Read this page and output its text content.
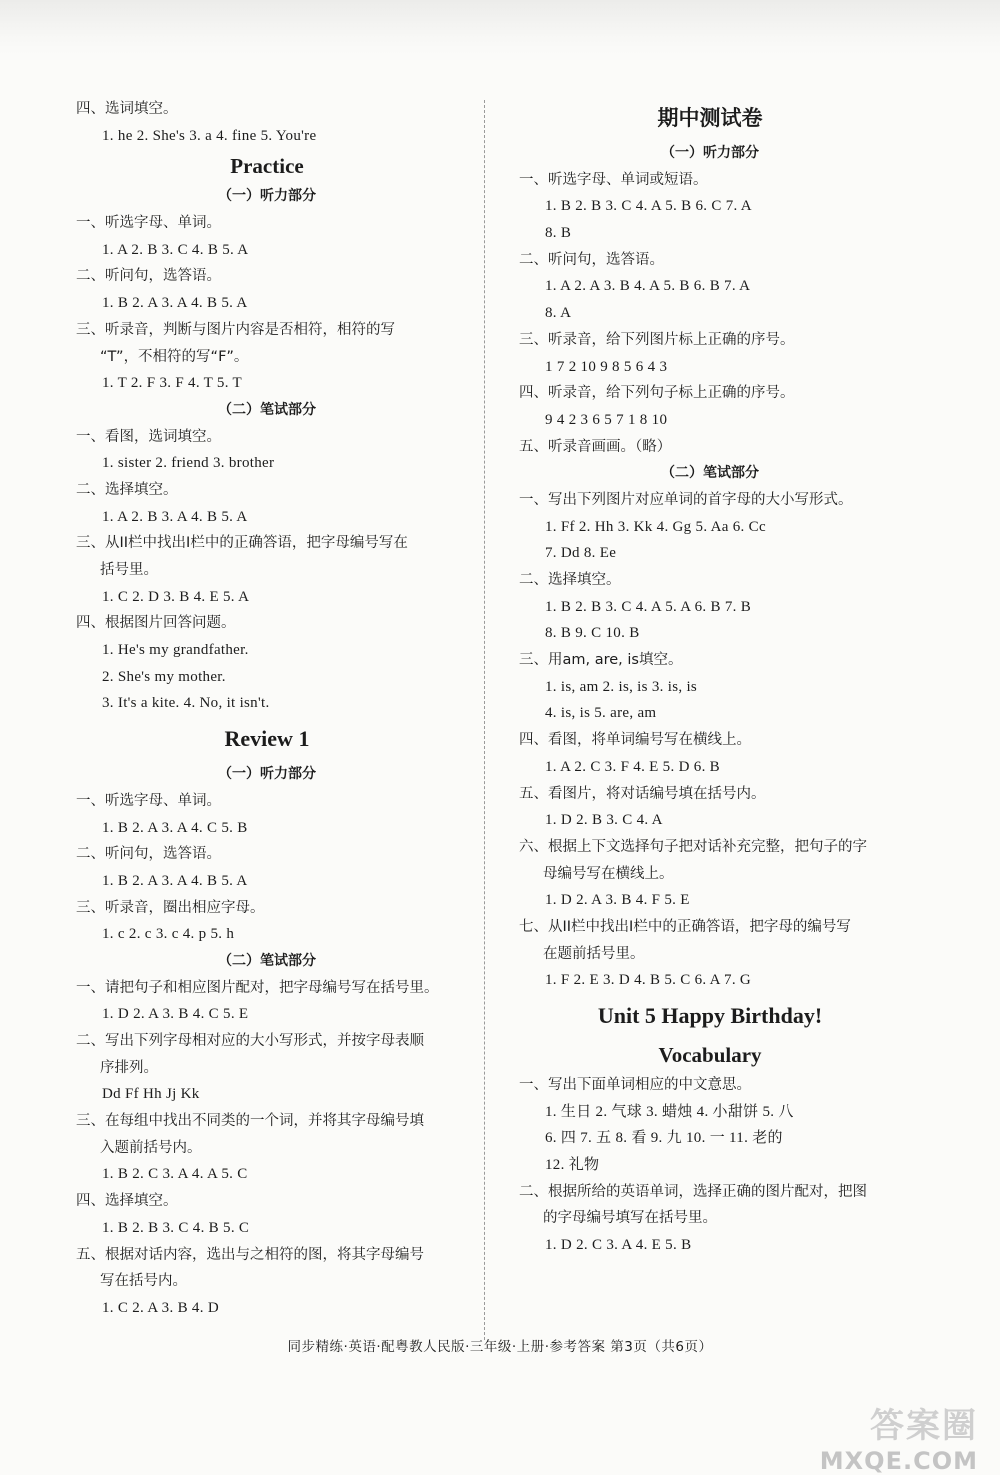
四、选词填空。
1. he 2. She's 3. a 4. fine 5. You're
Practice
（一）听力部分
一、听选字母、单词。
1. A 2. B 3. C 4. B 5. A
二、听问句，选答语。
1. B 2. A 3. A 4. B 5. A
三、听录音，判断与图片内容是否相符，相符的写
“T”，不相符的写“F”。
1. T 2. F 3. F 4. T 5. T
（二）笔试部分
一、看图，选词填空。
1. sister 2. friend 3. brother
二、选择填空。
1. A 2. B 3. A 4. B 5. A
三、从II栏中找出I栏中的正确答语，把字母编号写在
括号里。
1. C 2. D 3. B 4. E 5. A
四、根据图片回答问题。
1. He's my grandfather.
2. She's my mother.
3. It's a kite. 4. No, it isn't.
Review 1
（一）听力部分
一、听选字母、单词。
1. B 2. A 3. A 4. C 5. B
二、听问句，选答语。
1. B 2. A 3. A 4. B 5. A
三、听录音，圈出相应字母。
1. c 2. c 3. c 4. p 5. h
（二）笔试部分
一、请把句子和相应图片配对，把字母编号写在括号里。
1. D 2. A 3. B 4. C 5. E
二、写出下列字母相对应的大小写形式，并按字母表顺
序排列。
Dd Ff Hh Jj Kk
三、在每组中找出不同类的一个词，并将其字母编号填
入题前括号内。
1. B 2. C 3. A 4. A 5. C
四、选择填空。
1. B 2. B 3. C 4. B 5. C
五、根据对话内容，选出与之相符的图，将其字母编号
写在括号内。
1. C 2. A 3. B 4. D
期中测试卷
（一）听力部分
一、听选字母、单词或短语。
1. B 2. B 3. C 4. A 5. B 6. C 7. A
8. B
二、听问句，选答语。
1. A 2. A 3. B 4. A 5. B 6. B 7. A
8. A
三、听录音，给下列图片标上正确的序号。
1 7 2 10 9 8 5 6 4 3
四、听录音，给下列句子标上正确的序号。
9 4 2 3 6 5 7 1 8 10
五、听录音画画。（略）
（二）笔试部分
一、写出下列图片对应单词的首字母的大小写形式。
1. Ff 2. Hh 3. Kk 4. Gg 5. Aa 6. Cc
7. Dd 8. Ee
二、选择填空。
1. B 2. B 3. C 4. A 5. A 6. B 7. B
8. B 9. C 10. B
三、用am, are, is填空。
1. is, am 2. is, is 3. is, is
4. is, is 5. are, am
四、看图，将单词编号写在横线上。
1. A 2. C 3. F 4. E 5. D 6. B
五、看图片，将对话编号填在括号内。
1. D 2. B 3. C 4. A
六、根据上下文选择句子把对话补充完整，把句子的字
母编号写在横线上。
1. D 2. A 3. B 4. F 5. E
七、从II栏中找出I栏中的正确答语，把字母的编号写
在题前括号里。
1. F 2. E 3. D 4. B 5. C 6. A 7. G
Unit 5 Happy Birthday!
Vocabulary
一、写出下面单词相应的中文意思。
1. 生日 2. 气球 3. 蜡烛 4. 小甜饼 5. 八
6. 四 7. 五 8. 看 9. 九 10. 一 11. 老的
12. 礼物
二、根据所给的英语单词，选择正确的图片配对，把图
的字母编号填写在括号里。
1. D 2. C 3. A 4. E 5. B
同步精练·英语·配粤教人民版·三年级·上册·参考答案 第3页（共6页）
答案圈
MXQE.COM
